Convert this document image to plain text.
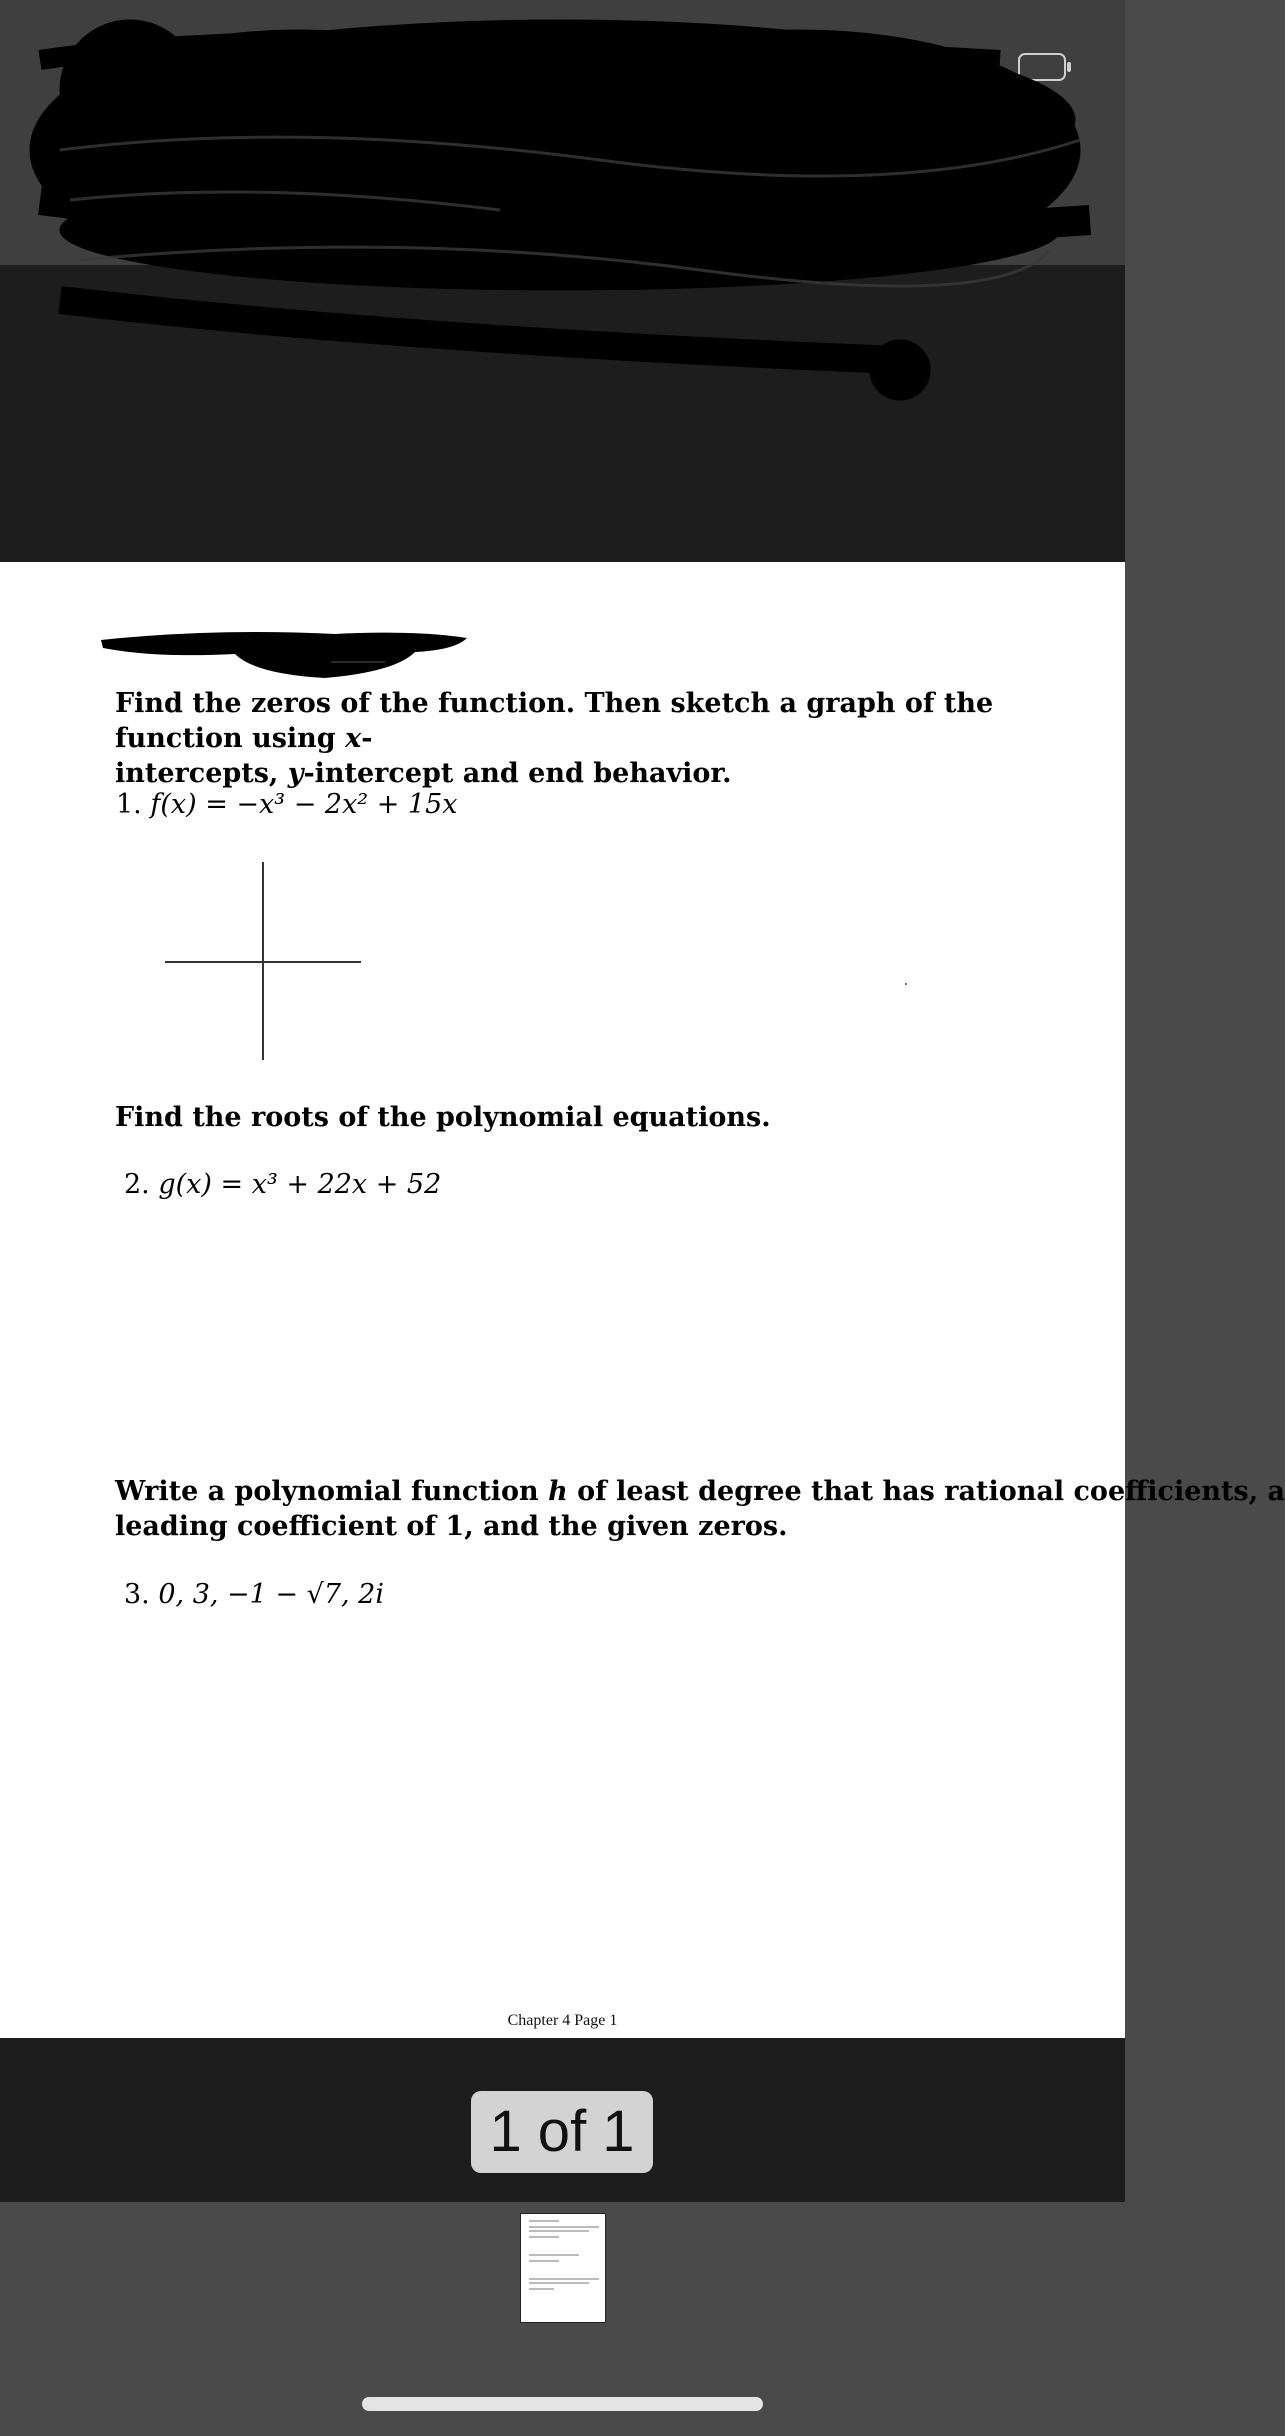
Find the zeros of the function. Then sketch a graph of the function using x-
intercepts, y-intercept and end behavior.
1. f(x) = −x³ − 2x² + 15x
Find the roots of the polynomial equations.
2. g(x) = x³ + 22x + 52
Write a polynomial function h of least degree that has rational coefficients, a
leading coefficient of 1, and the given zeros.
3. 0, 3, −1 − √7, 2i
Chapter 4 Page 1
1 of 1
